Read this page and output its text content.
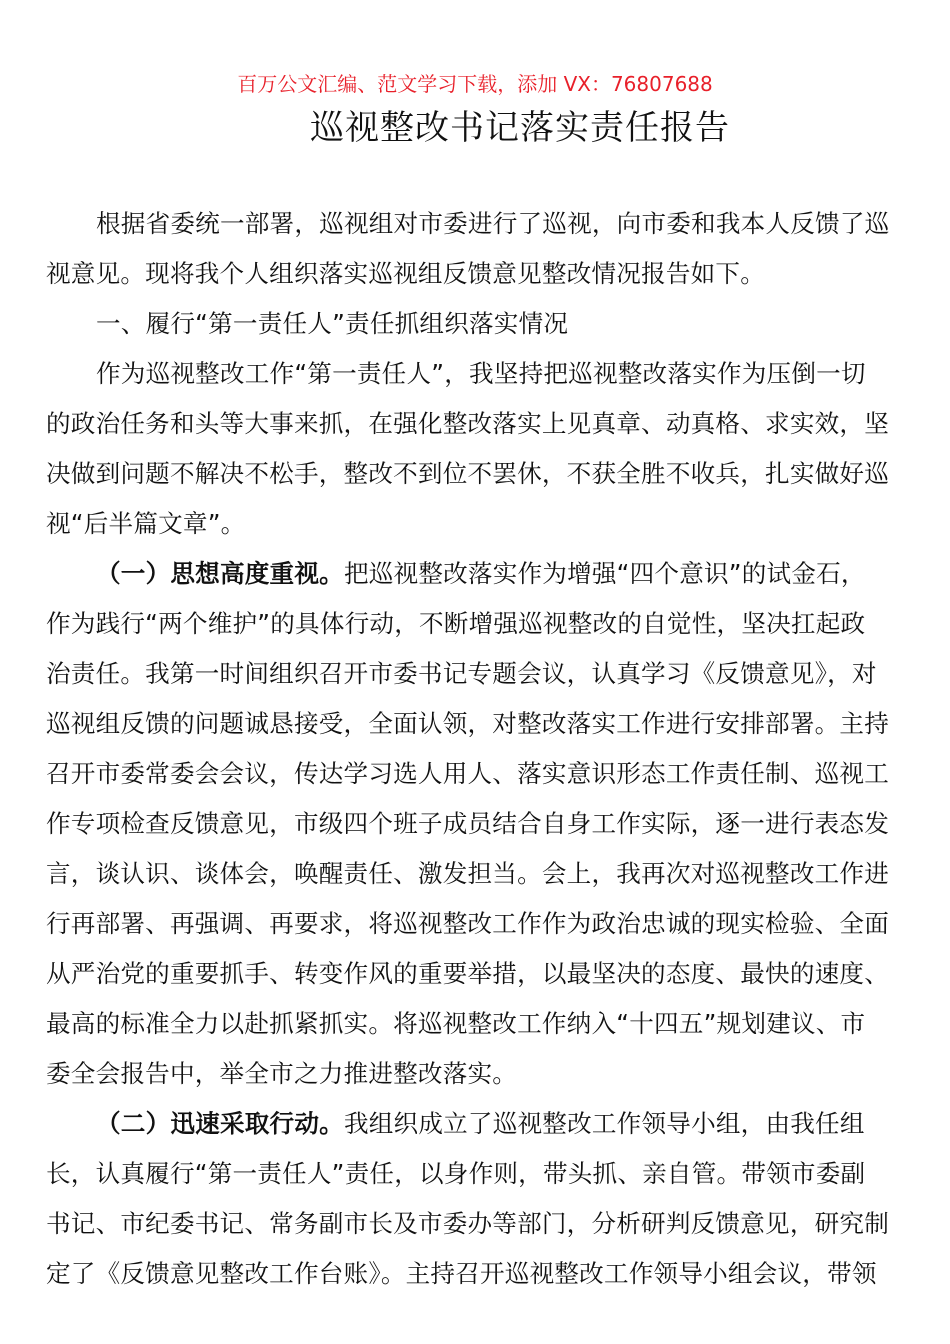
百万公文汇编、范文学习下载，添加 VX：76807688
巡视整改书记落实责任报告
根据省委统一部署，巡视组对市委进行了巡视，向市委和我本人反馈了巡
视意见。现将我个人组织落实巡视组反馈意见整改情况报告如下。
一、履行“第一责任人”责任抓组织落实情况
作为巡视整改工作“第一责任人”，我坚持把巡视整改落实作为压倒一切
的政治任务和头等大事来抓，在强化整改落实上见真章、动真格、求实效，坚
决做到问题不解决不松手，整改不到位不罢休，不获全胜不收兵，扎实做好巡
视“后半篇文章”。
（一）思想高度重视。把巡视整改落实作为增强“四个意识”的试金石，
作为践行“两个维护”的具体行动，不断增强巡视整改的自觉性，坚决扛起政
治责任。我第一时间组织召开市委书记专题会议，认真学习《反馈意见》，对
巡视组反馈的问题诚恳接受，全面认领，对整改落实工作进行安排部署。主持
召开市委常委会会议，传达学习选人用人、落实意识形态工作责任制、巡视工
作专项检查反馈意见，市级四个班子成员结合自身工作实际，逐一进行表态发
言，谈认识、谈体会，唤醒责任、激发担当。会上，我再次对巡视整改工作进
行再部署、再强调、再要求，将巡视整改工作作为政治忠诚的现实检验、全面
从严治党的重要抓手、转变作风的重要举措，以最坚决的态度、最快的速度、
最高的标准全力以赴抓紧抓实。将巡视整改工作纳入“十四五”规划建议、市
委全会报告中，举全市之力推进整改落实。
（二）迅速采取行动。我组织成立了巡视整改工作领导小组，由我任组
长，认真履行“第一责任人”责任，以身作则，带头抓、亲自管。带领市委副
书记、市纪委书记、常务副市长及市委办等部门，分析研判反馈意见，研究制
定了《反馈意见整改工作台账》。主持召开巡视整改工作领导小组会议，带领
